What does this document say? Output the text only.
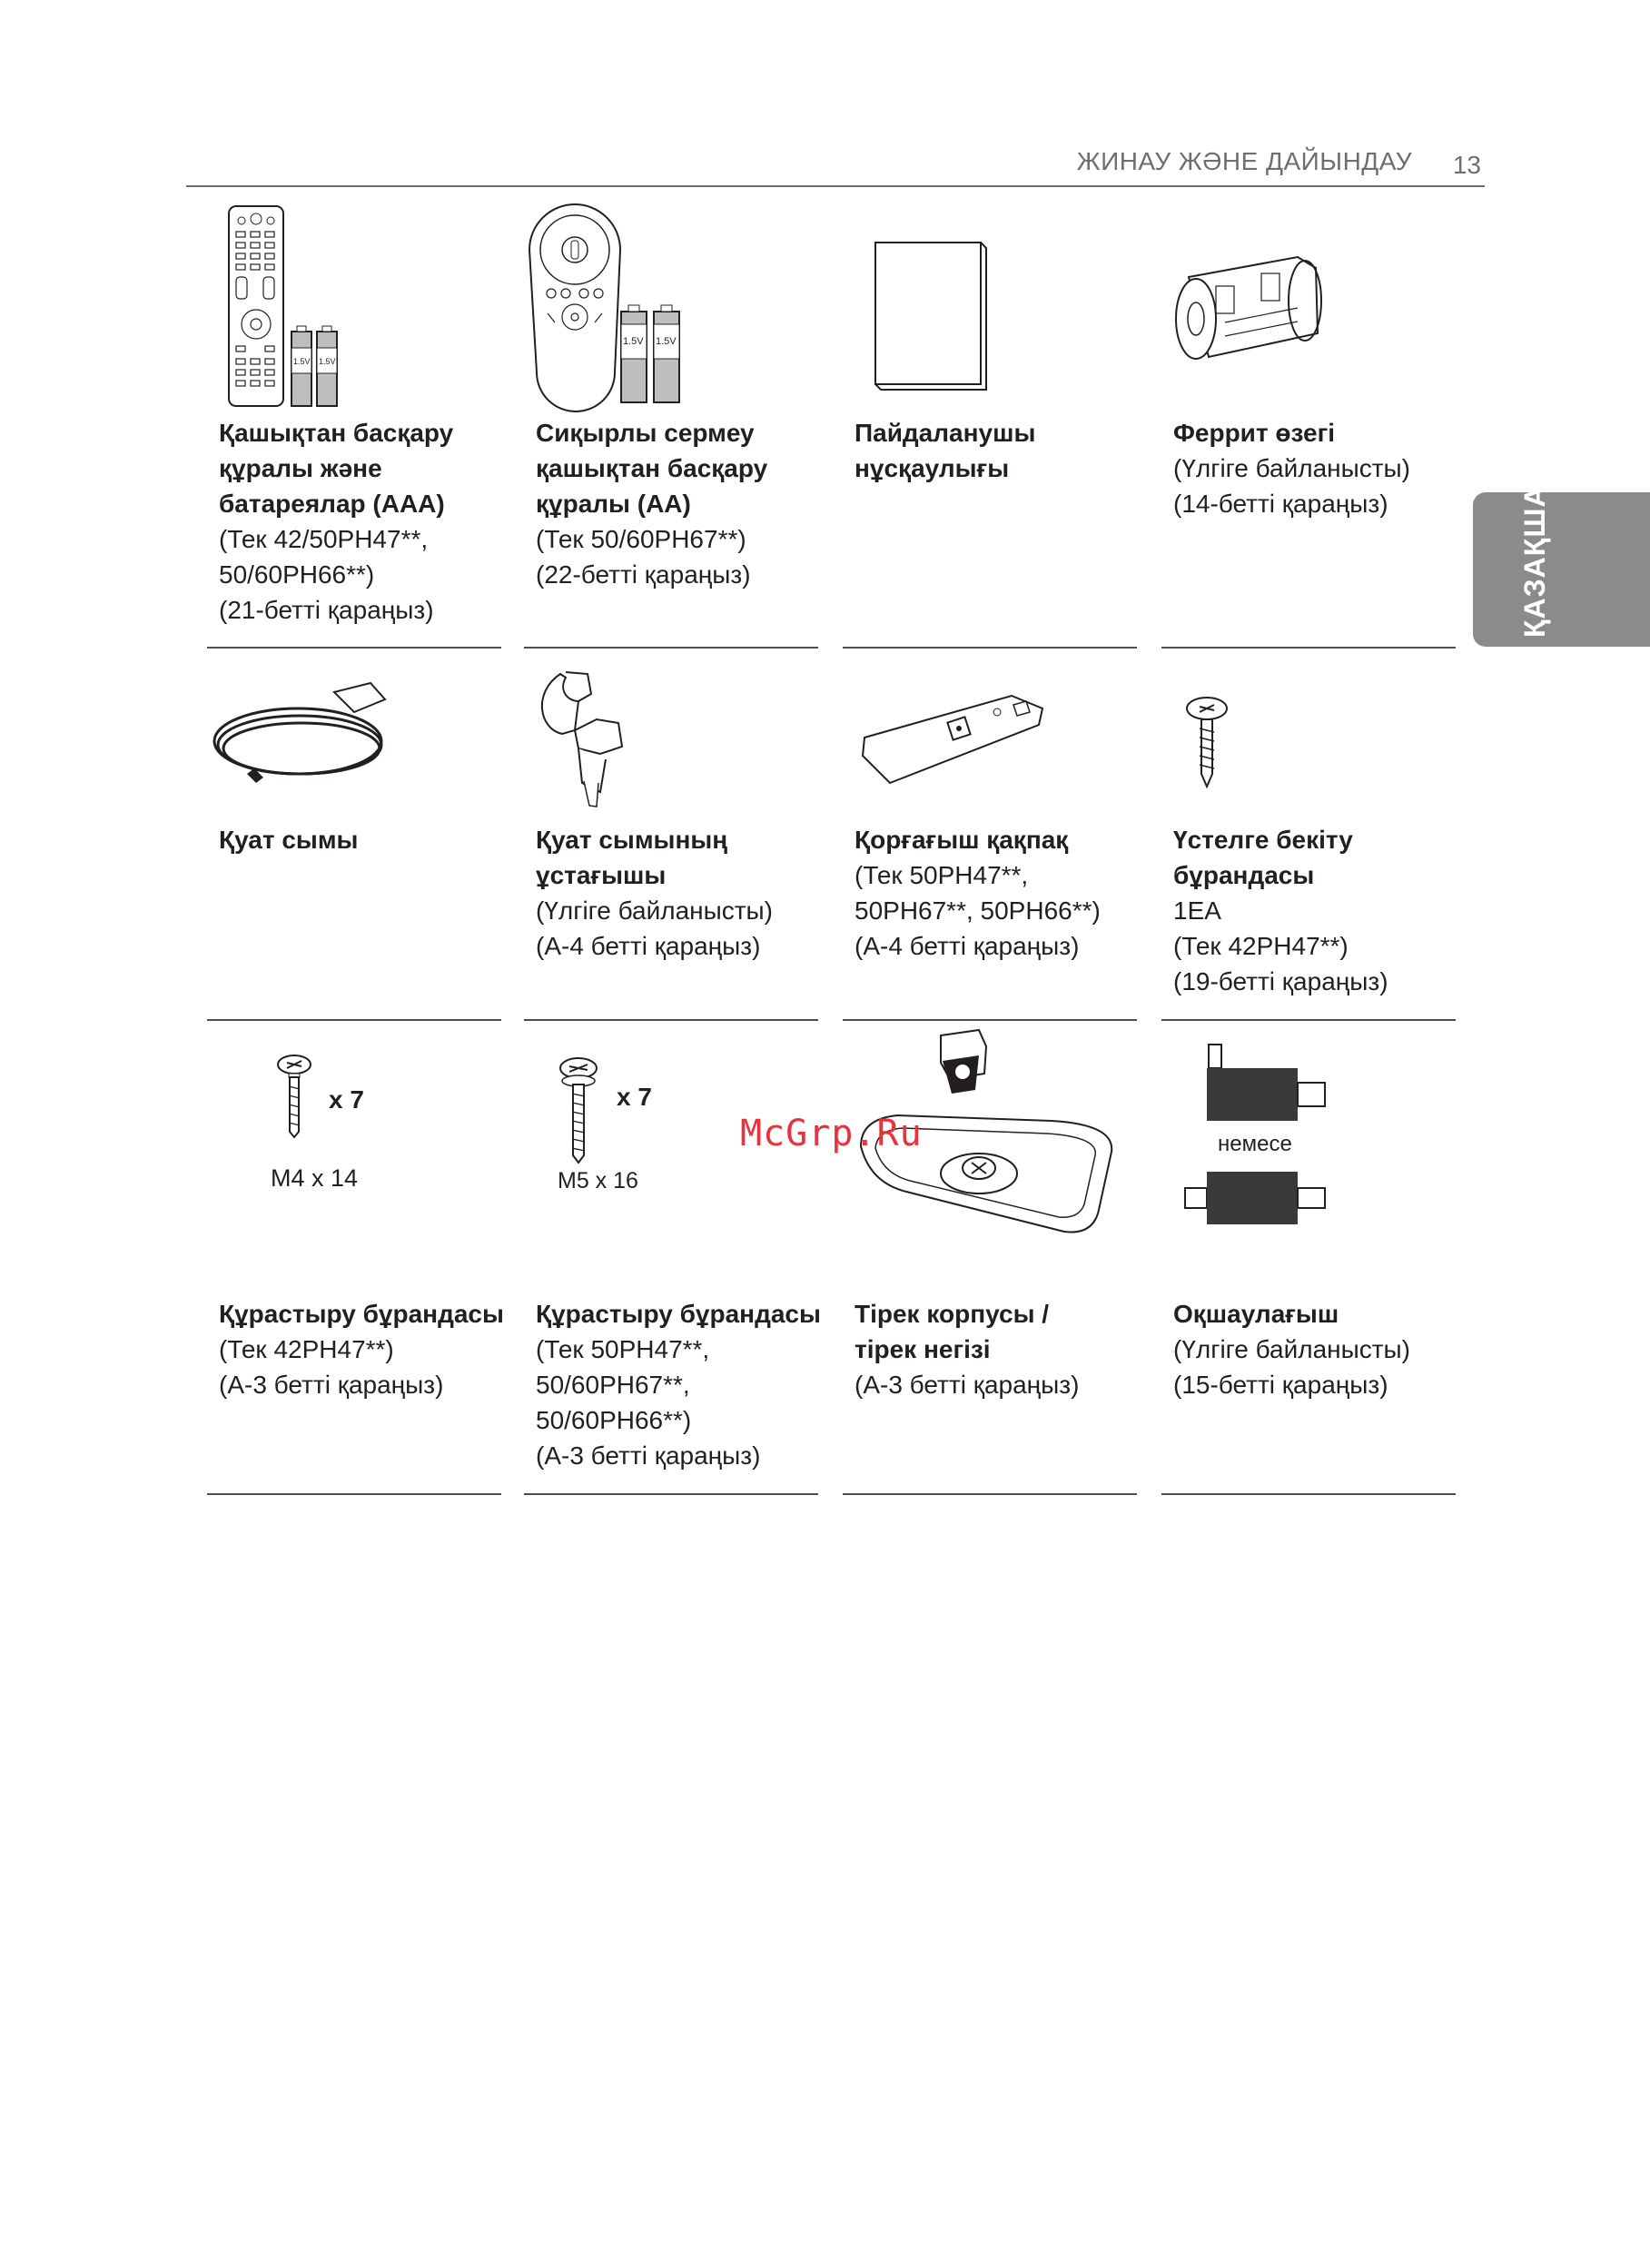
ЖИНАУ ЖӘНЕ ДАЙЫНДАУ 13
ҚАЗАҚША
1.5V 1.5V
Қашықтан басқару
құралы және
батареялар (AAA)
(Тек 42/50PH47**,
50/60PH66**)
(21-бетті қараңыз)
1.5V 1.5V
Сиқырлы сермеу
қашықтан басқару
құралы (AA)
(Тек 50/60PH67**)
(22-бетті қараңыз)
Пайдаланушы
нұсқаулығы
Феррит өзегі
(Үлгіге байланысты)
(14-бетті қараңыз)
Қуат сымы	Қуат сымының
ұстағышы
(Үлгіге байланысты)
(A-4 бетті қараңыз)
Қорғағыш қақпақ
(Тек 50PH47**,
50PH67**, 50PH66**)
(A-4 бетті қараңыз)
Үстелге бекіту
бұрандасы
1EA
(Тек 42PH47**)
(19-бетті қараңыз)
x 7
M4 x 14
Құрастыру бұрандасы
(Тек 42PH47**)
(A-3 бетті қараңыз)
x 7
M5 x 16
Құрастыру бұрандасы
(Тек 50PH47**,
50/60PH67**,
50/60PH66**)
(A-3 бетті қараңыз)
Тірек корпусы /
тірек негізі
(A-3 бетті қараңыз)
немесе
Оқшаулағыш
(Үлгіге байланысты)
(15-бетті қараңыз)
McGrp.Ru
